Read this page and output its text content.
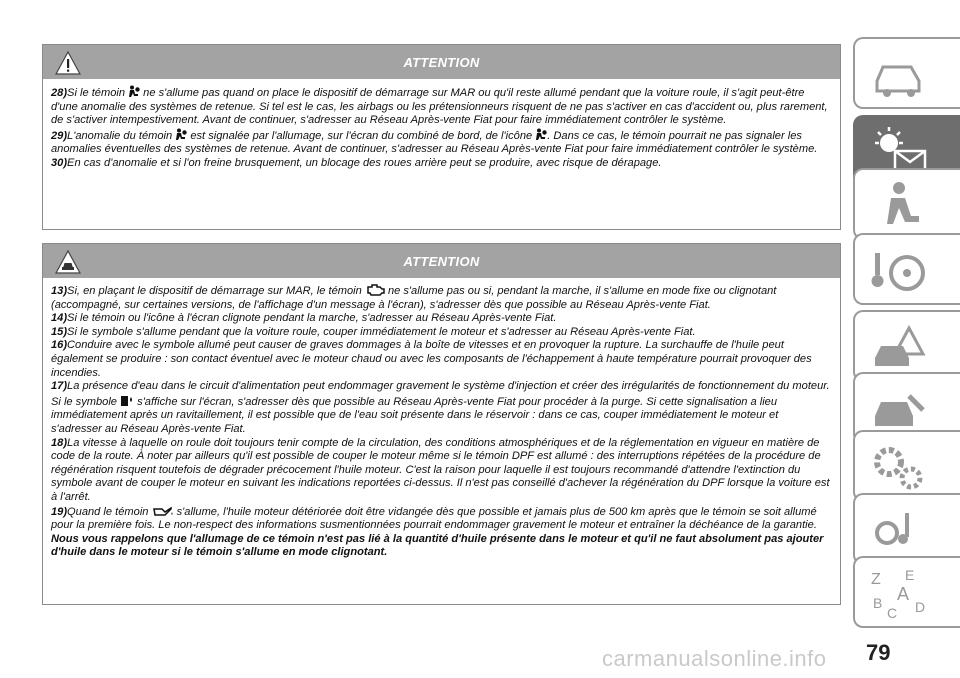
ATTENTION

28)Si le témoin  ne s'allume pas quand on place le dispositif de démarrage sur MAR ou qu'il reste allumé pendant que la voiture roule, il s'agit peut-être d'une anomalie des systèmes de retenue. Si tel est le cas, les airbags ou les prétensionneurs risquent de ne pas s'activer en cas d'accident ou, plus rarement, de s'activer intempestivement. Avant de continuer, s'adresser au Réseau Après-vente Fiat pour faire immédiatement contrôler le système.

29)L'anomalie du témoin  est signalée par l'allumage, sur l'écran du combiné de bord, de l'icône . Dans ce cas, le témoin pourrait ne pas signaler les anomalies éventuelles des systèmes de retenue. Avant de continuer, s'adresser au Réseau Après-vente Fiat pour faire immédiatement contrôler le système.

30)En cas d'anomalie et si l'on freine brusquement, un blocage des roues arrière peut se produire, avec risque de dérapage.

ATTENTION

13)Si, en plaçant le dispositif de démarrage sur MAR, le témoin  ne s'allume pas ou si, pendant la marche, il s'allume en mode fixe ou clignotant (accompagné, sur certaines versions, de l'affichage d'un message à l'écran), s'adresser dès que possible au Réseau Après-vente Fiat.

14)Si le témoin ou l'icône à l'écran clignote pendant la marche, s'adresser au Réseau Après-vente Fiat.

15)Si le symbole s'allume pendant que la voiture roule, couper immédiatement le moteur et s'adresser au Réseau Après-vente Fiat.

16)Conduire avec le symbole allumé peut causer de graves dommages à la boîte de vitesses et en provoquer la rupture. La surchauffe de l'huile peut également se produire : son contact éventuel avec le moteur chaud ou avec les composants de l'échappement à haute température pourrait provoquer des incendies.

17)La présence d'eau dans le circuit d'alimentation peut endommager gravement le système d'injection et créer des irrégularités de fonctionnement du moteur. Si le symbole  s'affiche sur l'écran, s'adresser dès que possible au Réseau Après-vente Fiat pour procéder à la purge. Si cette signalisation a lieu immédiatement après un ravitaillement, il est possible que de l'eau soit présente dans le réservoir : dans ce cas, couper immédiatement le moteur et s'adresser au Réseau Après-vente Fiat.

18)La vitesse à laquelle on roule doit toujours tenir compte de la circulation, des conditions atmosphériques et de la réglementation en vigueur en matière de code de la route. À noter par ailleurs qu'il est possible de couper le moteur même si le témoin DPF est allumé : des interruptions répétées de la procédure de régénération risquent toutefois de dégrader précocement l'huile moteur. C'est la raison pour laquelle il est toujours recommandé d'attendre l'extinction du symbole avant de couper le moteur en suivant les indications reportées ci-dessus. Il n'est pas conseillé d'achever la régénération du DPF lorsque la voiture est à l'arrêt.

19)Quand le témoin  s'allume, l'huile moteur détériorée doit être vidangée dès que possible et jamais plus de 500 km après que le témoin se soit allumé pour la première fois. Le non-respect des informations susmentionnées pourrait endommager gravement le moteur et entraîner la déchéance de la garantie. Nous vous rappelons que l'allumage de ce témoin n'est pas lié à la quantité d'huile présente dans le moteur et qu'il ne faut absolument pas ajouter d'huile dans le moteur si le témoin s'allume en mode clignotant.

Z E
A
B D
C
79
carmanualsonline.info
